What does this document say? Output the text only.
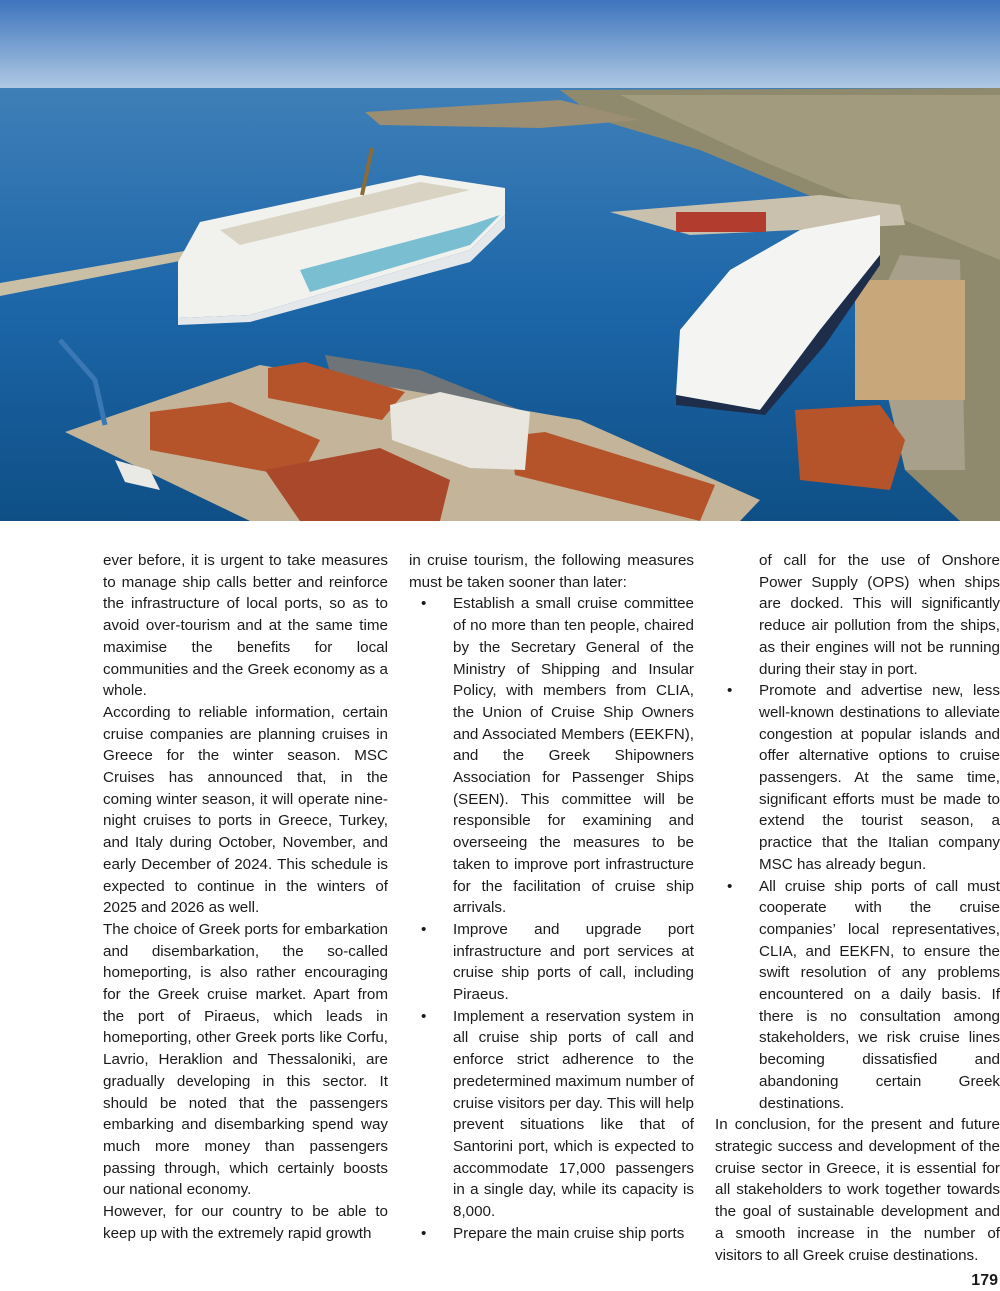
ever before, it is urgent to take measures to manage ship calls better and reinforce the infrastructure of local ports, so as to avoid over-tourism and at the same time maximise the benefits for local communities and the Greek economy as a whole.

According to reliable information, certain cruise companies are planning cruises in Greece for the winter season. MSC Cruises has announced that, in the coming winter season, it will operate nine-night cruises to ports in Greece, Turkey, and Italy during October, November, and early December of 2024. This schedule is expected to continue in the winters of 2025 and 2026 as well.

The choice of Greek ports for embarkation and disembarkation, the so-called homeporting, is also rather encouraging for the Greek cruise market. Apart from the port of Piraeus, which leads in homeporting, other Greek ports like Corfu, Lavrio, Heraklion and Thessaloniki, are gradually developing in this sector. It should be noted that the passengers embarking and disembarking spend way much more money than passengers passing through, which certainly boosts our national economy.

However, for our country to be able to keep up with the extremely rapid growth

in cruise tourism, the following measures must be taken sooner than later:

• Establish a small cruise committee of no more than ten people, chaired by the Secretary General of the Ministry of Shipping and Insular Policy, with members from CLIA, the Union of Cruise Ship Owners and Associated Members (EEKFN), and the Greek Shipowners Association for Passenger Ships (SEEN). This committee will be responsible for examining and overseeing the measures to be taken to improve port infrastructure for the facilitation of cruise ship arrivals.
• Improve and upgrade port infrastructure and port services at cruise ship ports of call, including Piraeus.
• Implement a reservation system in all cruise ship ports of call and enforce strict adherence to the predetermined maximum number of cruise visitors per day. This will help prevent situations like that of Santorini port, which is expected to accommodate 17,000 passengers in a single day, while its capacity is 8,000.
• Prepare the main cruise ship ports

of call for the use of Onshore Power Supply (OPS) when ships are docked. This will significantly reduce air pollution from the ships, as their engines will not be running during their stay in port.

• Promote and advertise new, less well-known destinations to alleviate congestion at popular islands and offer alternative options to cruise passengers. At the same time, significant efforts must be made to extend the tourist season, a practice that the Italian company MSC has already begun.
• All cruise ship ports of call must cooperate with the cruise companies’ local representatives, CLIA, and EEKFN, to ensure the swift resolution of any problems encountered on a daily basis. If there is no consultation among stakeholders, we risk cruise lines becoming dissatisfied and abandoning certain Greek destinations.

In conclusion, for the present and future strategic success and development of the cruise sector in Greece, it is essential for all stakeholders to work together towards the goal of sustainable development and a smooth increase in the number of visitors to all Greek cruise destinations.

179
